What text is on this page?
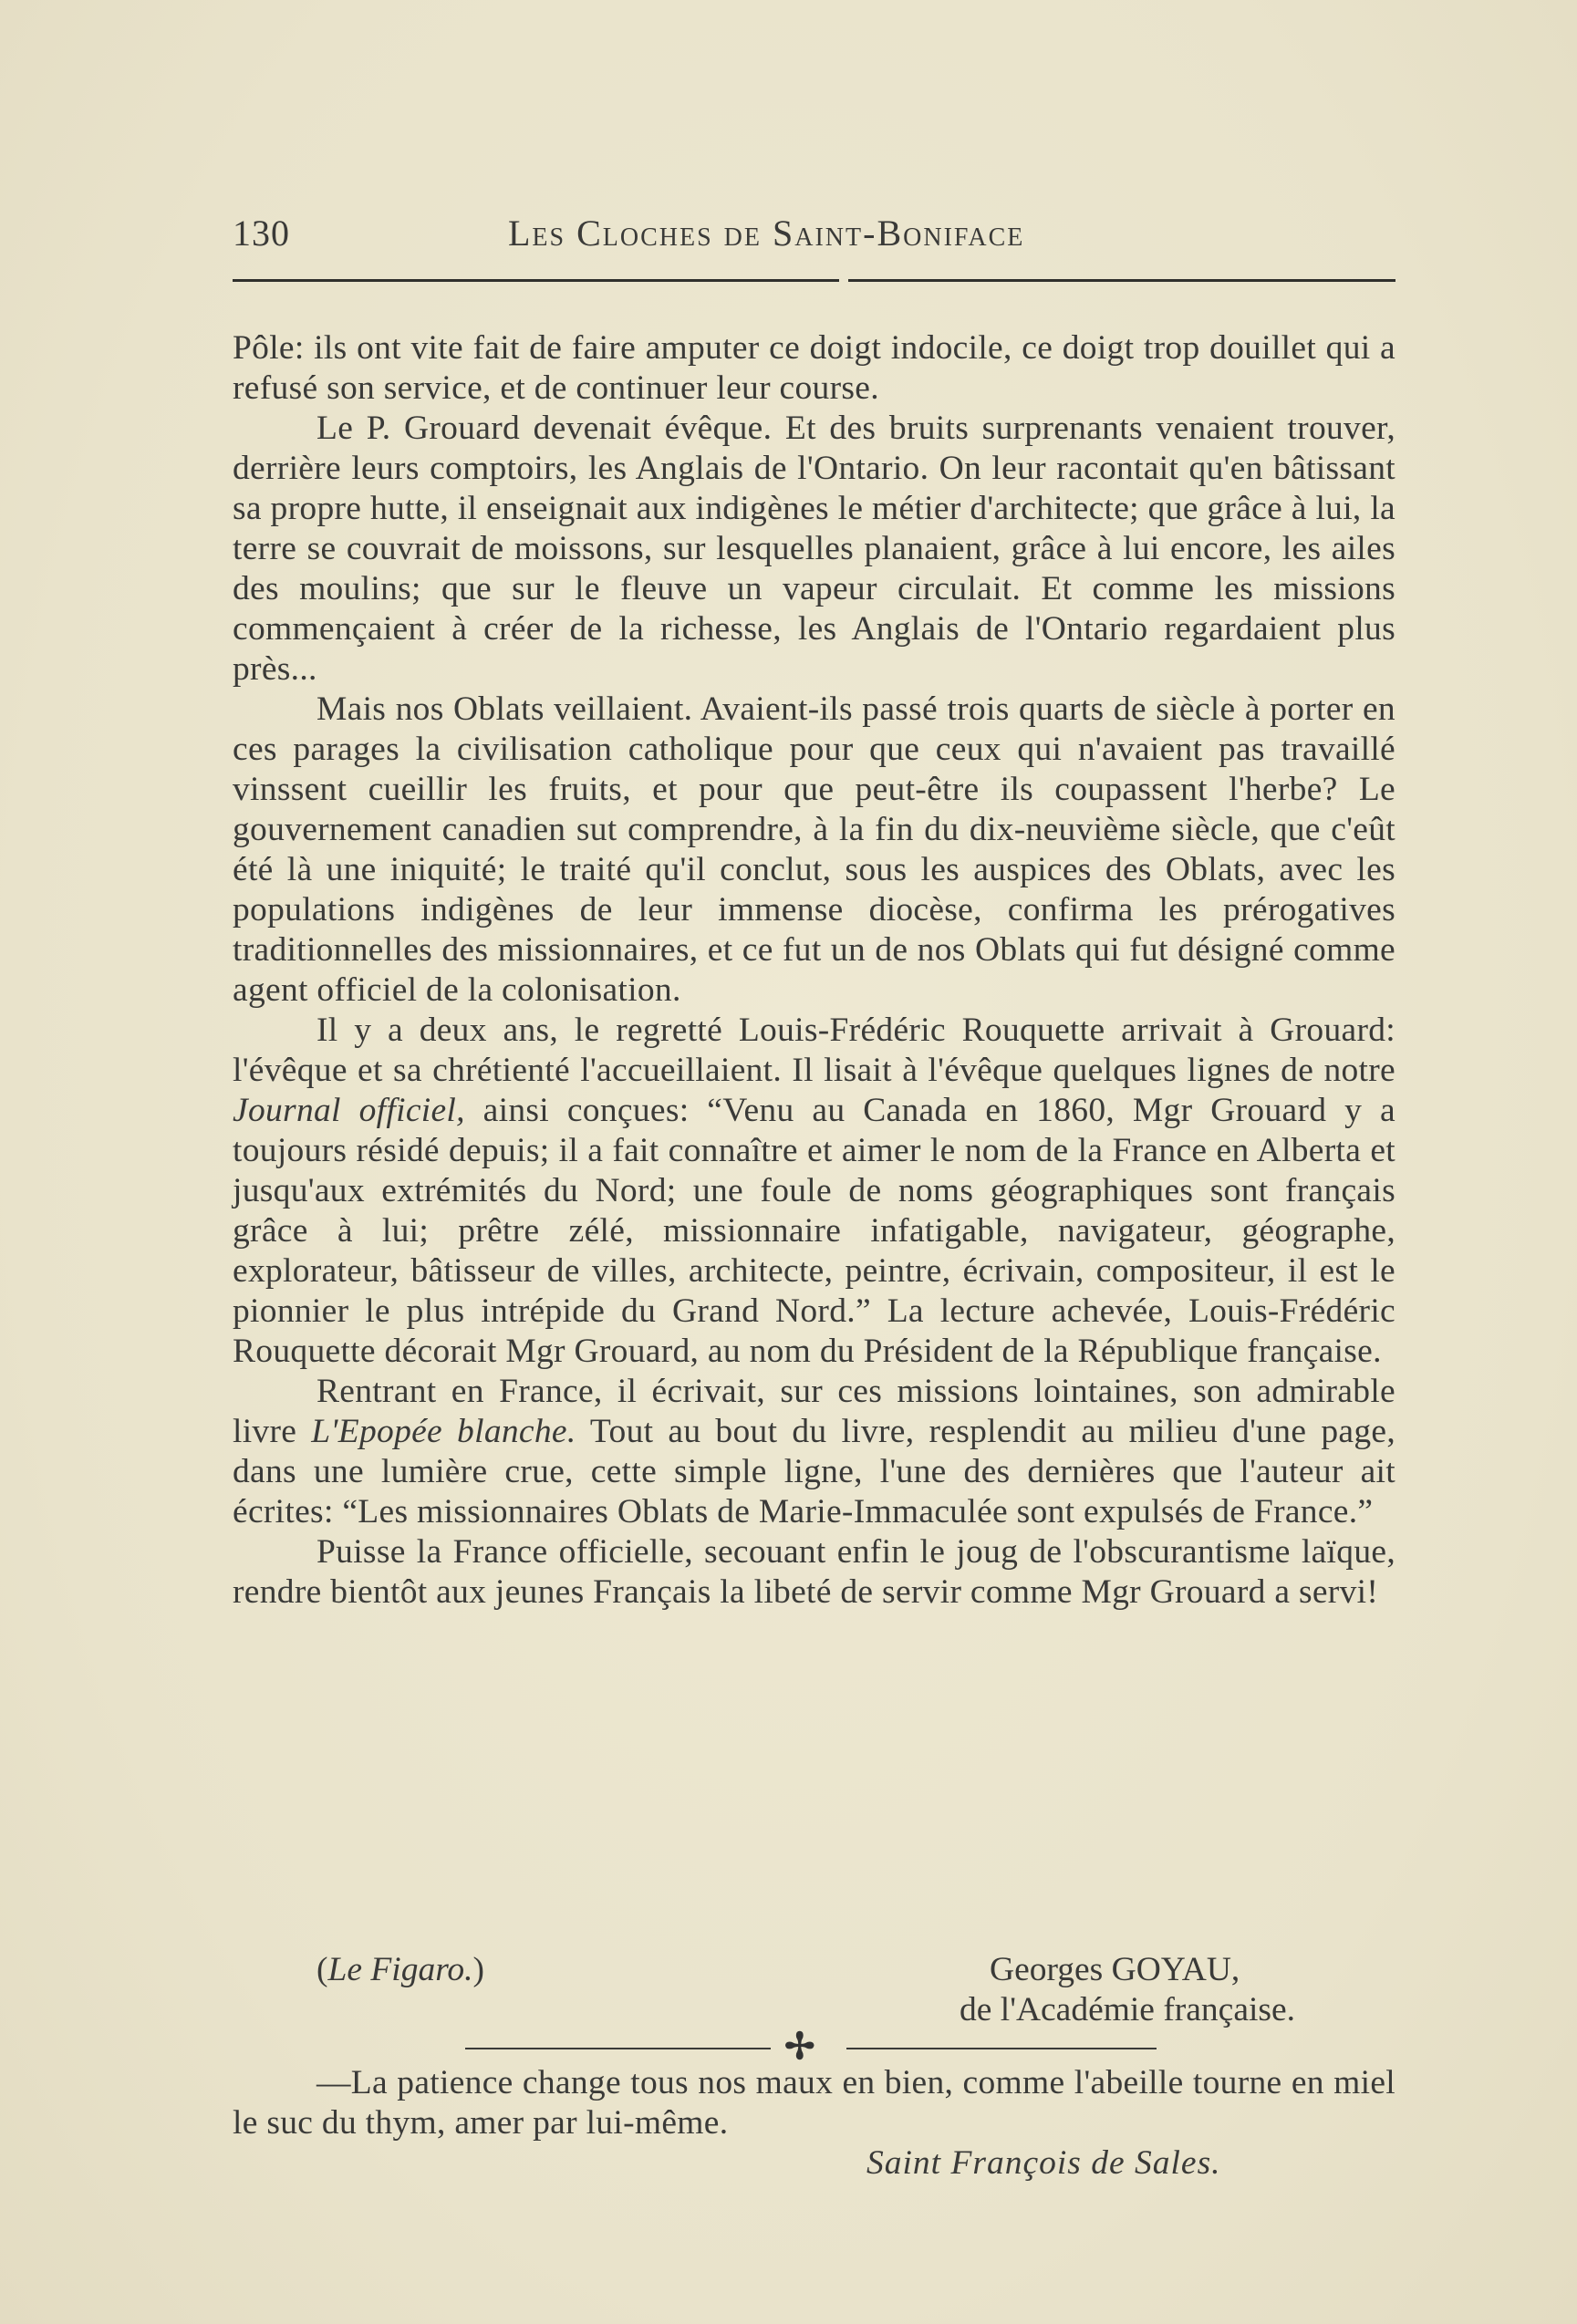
130	Les Cloches de Saint-Boniface

Pôle: ils ont vite fait de faire amputer ce doigt indocile, ce doigt trop douillet qui a refusé son service, et de continuer leur course.

Le P. Grouard devenait évêque. Et des bruits surprenants venaient trouver, derrière leurs comptoirs, les Anglais de l'Ontario. On leur racontait qu'en bâtissant sa propre hutte, il enseignait aux indigènes le métier d'architecte; que grâce à lui, la terre se couvrait de moissons, sur lesquelles planaient, grâce à lui encore, les ailes des moulins; que sur le fleuve un vapeur circulait. Et comme les missions commençaient à créer de la richesse, les Anglais de l'Ontario regardaient plus près...

Mais nos Oblats veillaient. Avaient-ils passé trois quarts de siècle à porter en ces parages la civilisation catholique pour que ceux qui n'avaient pas travaillé vinssent cueillir les fruits, et pour que peut-être ils coupassent l'herbe? Le gouvernement canadien sut comprendre, à la fin du dix-neuvième siècle, que c'eût été là une iniquité; le traité qu'il conclut, sous les auspices des Oblats, avec les populations indigènes de leur immense diocèse, confirma les prérogatives traditionnelles des missionnaires, et ce fut un de nos Oblats qui fut désigné comme agent officiel de la colonisation.

Il y a deux ans, le regretté Louis-Frédéric Rouquette arrivait à Grouard: l'évêque et sa chrétienté l'accueillaient. Il lisait à l'évêque quelques lignes de notre Journal officiel, ainsi conçues: “Venu au Canada en 1860, Mgr Grouard y a toujours résidé depuis; il a fait connaître et aimer le nom de la France en Alberta et jusqu'aux extrémités du Nord; une foule de noms géographiques sont français grâce à lui; prêtre zélé, missionnaire infatigable, navigateur, géographe, explorateur, bâtisseur de villes, architecte, peintre, écrivain, compositeur, il est le pionnier le plus intrépide du Grand Nord.” La lecture achevée, Louis-Frédéric Rouquette décorait Mgr Grouard, au nom du Président de la République française.

Rentrant en France, il écrivait, sur ces missions lointaines, son admirable livre L'Epopée blanche. Tout au bout du livre, resplendit au milieu d'une page, dans une lumière crue, cette simple ligne, l'une des dernières que l'auteur ait écrites: “Les missionnaires Oblats de Marie-Immaculée sont expulsés de France.”

Puisse la France officielle, secouant enfin le joug de l'obscurantisme laïque, rendre bientôt aux jeunes Français la libeté de servir comme Mgr Grouard a servi!

(Le Figaro.)	Georges GOYAU,
de l'Académie française.
✢

—La patience change tous nos maux en bien, comme l'abeille tourne en miel le suc du thym, amer par lui-même.

Saint François de Sales.
